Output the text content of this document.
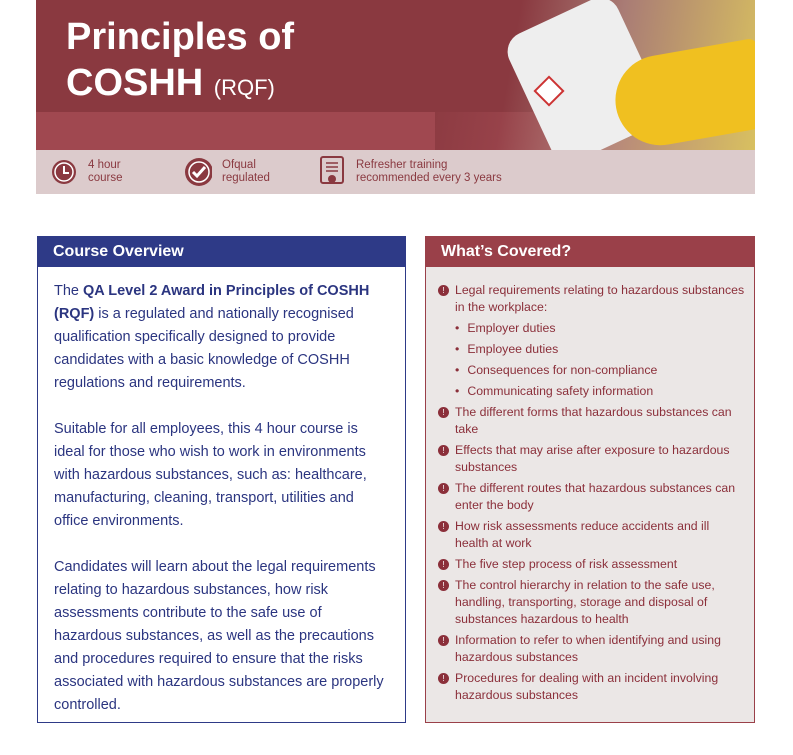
Principles of
COSHH (RQF)
4 hour
course
Ofqual
regulated
Refresher training
recommended every 3 years
Course Overview

The QA Level 2 Award in Principles of COSHH (RQF) is a regulated and nationally recognised qualification specifically designed to provide candidates with a basic knowledge of COSHH regulations and requirements.

Suitable for all employees, this 4 hour course is ideal for those who wish to work in environments with hazardous substances, such as: healthcare, manufacturing, cleaning, transport, utilities and office environments.

Candidates will learn about the legal requirements relating to hazardous substances, how risk assessments contribute to the safe use of hazardous substances, as well as the precautions and procedures required to ensure that the risks associated with hazardous substances are properly controlled.

What’s Covered?
! Legal requirements relating to hazardous substances in the workplace:
• Employer duties
• Employee duties
• Consequences for non-compliance
• Communicating safety information
! The different forms that hazardous substances can take
! Effects that may arise after exposure to hazardous substances
! The different routes that hazardous substances can enter the body
! How risk assessments reduce accidents and ill health at work
! The five step process of risk assessment
! The control hierarchy in relation to the safe use, handling, transporting, storage and disposal of substances hazardous to health
! Information to refer to when identifying and using hazardous substances
! Procedures for dealing with an incident involving hazardous substances
